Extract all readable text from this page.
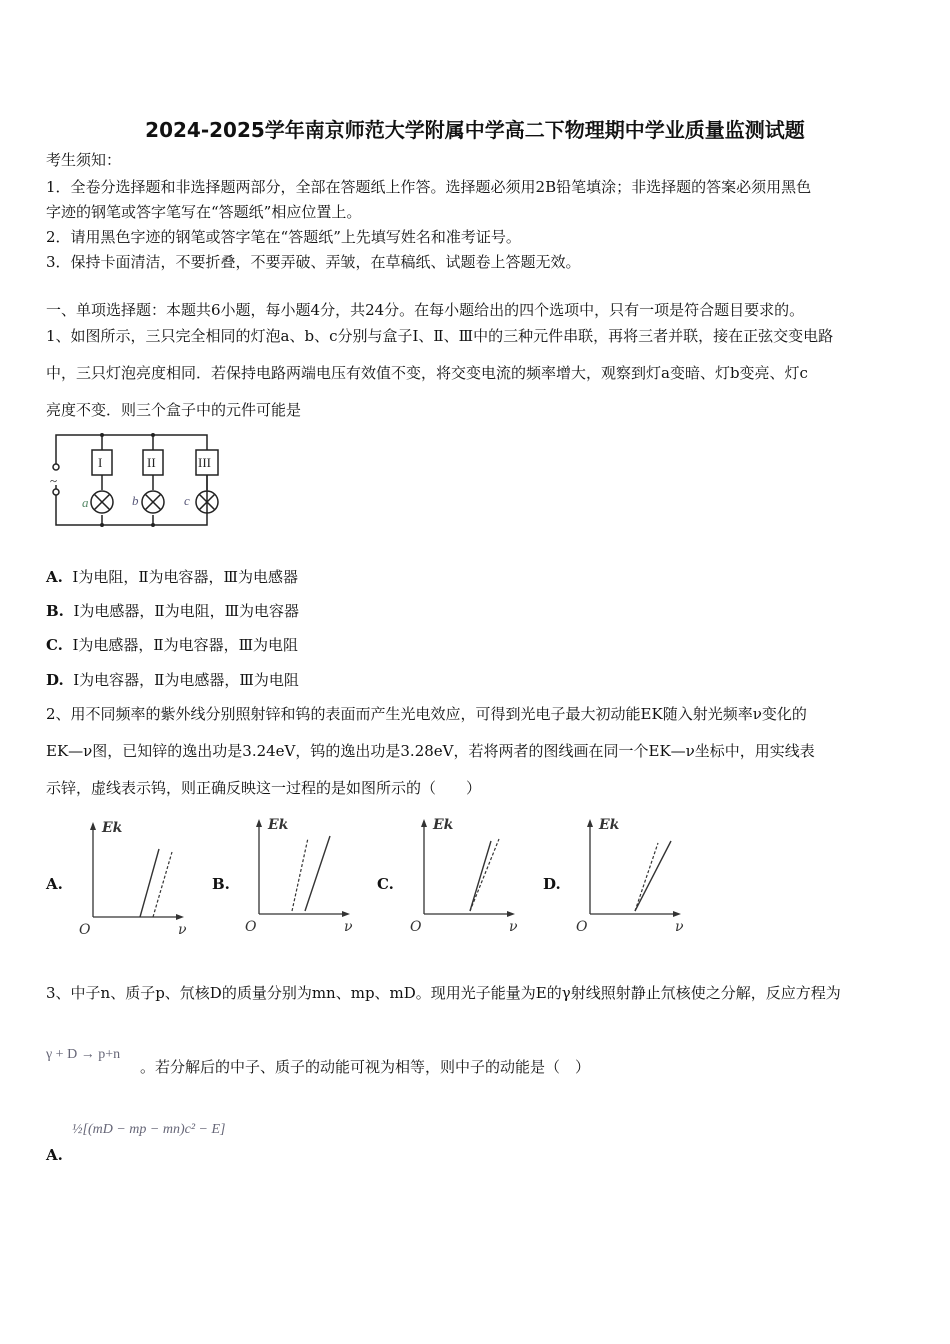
2024-2025学年南京师范大学附属中学高二下物理期中学业质量监测试题
考生须知：
1．全卷分选择题和非选择题两部分，全部在答题纸上作答。选择题必须用2B铅笔填涂；非选择题的答案必须用黑色
字迹的钢笔或答字笔写在“答题纸”相应位置上。
2．请用黑色字迹的钢笔或答字笔在“答题纸”上先填写姓名和准考证号。
3．保持卡面清洁，不要折叠，不要弄破、弄皱，在草稿纸、试题卷上答题无效。
一、单项选择题：本题共6小题，每小题4分，共24分。在每小题给出的四个选项中，只有一项是符合题目要求的。
1、如图所示，三只完全相同的灯泡a、b、c分别与盒子Ⅰ、Ⅱ、Ⅲ中的三种元件串联，再将三者并联，接在正弦交变电路
中，三只灯泡亮度相同．若保持电路两端电压有效值不变，将交变电流的频率增大，观察到灯a变暗、灯b变亮、灯c
亮度不变．则三个盒子中的元件可能是
I	II	III
a	b	c
~
A. Ⅰ为电阻，Ⅱ为电容器，Ⅲ为电感器
B. Ⅰ为电感器，Ⅱ为电阻，Ⅲ为电容器
C. Ⅰ为电感器，Ⅱ为电容器，Ⅲ为电阻
D. Ⅰ为电容器，Ⅱ为电感器，Ⅲ为电阻
2、用不同频率的紫外线分别照射锌和钨的表面而产生光电效应，可得到光电子最大初动能EK随入射光频率ν变化的
EK—ν图，已知锌的逸出功是3.24eV，钨的逸出功是3.28eV，若将两者的图线画在同一个EK—ν坐标中，用实线表
示锌，虚线表示钨，则正确反映这一过程的是如图所示的（　　）
A.
Ek
ν
O
B.
Ek
ν
O
C.
Ek
ν
O
D.
Ek
ν
O
3、中子n、质子p、氘核D的质量分别为mn、mp、mD。现用光子能量为E的γ射线照射静止氘核使之分解，反应方程为
γ + D → p+n
。若分解后的中子、质子的动能可视为相等，则中子的动能是（　）
½[(mD − mp − mn)c² − E]
A.
